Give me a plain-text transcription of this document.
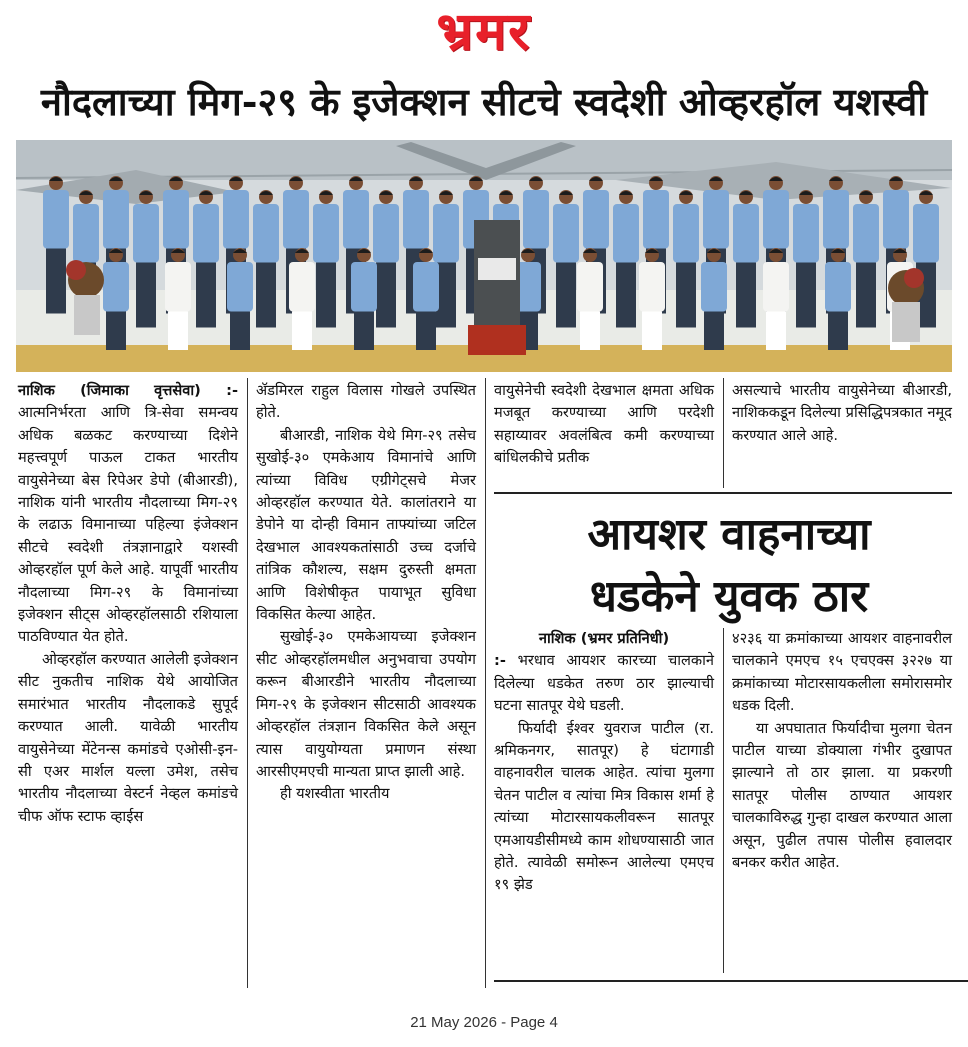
भ्रमर
नौदलाच्या मिग-२९ के इजेक्शन सीटचे स्वदेशी ओव्हरहॉल यशस्वी

नाशिक (जिमाका वृत्तसेवा) :- आत्मनिर्भरता आणि त्रि-सेवा समन्वय अधिक बळकट करण्याच्या दिशेने महत्त्वपूर्ण पाऊल टाकत भारतीय वायुसेनेच्या बेस रिपेअर डेपो (बीआरडी), नाशिक यांनी भारतीय नौदलाच्या मिग-२९ के लढाऊ विमानाच्या पहिल्या इंजेक्शन सीटचे स्वदेशी तंत्रज्ञानाद्वारे यशस्वी ओव्हरहॉल पूर्ण केले आहे. यापूर्वी भारतीय नौदलाच्या मिग-२९ के विमानांच्या इजेक्शन सीट्स ओव्हरहॉलसाठी रशियाला पाठविण्यात येत होते.

ओव्हरहॉल करण्यात आलेली इजेक्शन सीट नुकतीच नाशिक येथे आयोजित समारंभात भारतीय नौदलाकडे सुपूर्द करण्यात आली. यावेळी भारतीय वायुसेनेच्या मेंटेनन्स कमांडचे एओसी-इन-सी एअर मार्शल यल्ला उमेश, तसेच भारतीय नौदलाच्या वेस्टर्न नेव्हल कमांडचे चीफ ऑफ स्टाफ व्हाईस

ॲडमिरल राहुल विलास गोखले उपस्थित होते.

बीआरडी, नाशिक येथे मिग-२९ तसेच सुखोई-३० एमकेआय विमानांचे आणि त्यांच्या विविध एग्रीगेट्सचे मेजर ओव्हरहॉल करण्यात येते. कालांतराने या डेपोने या दोन्ही विमान ताफ्यांच्या जटिल देखभाल आवश्यकतांसाठी उच्च दर्जाचे तांत्रिक कौशल्य, सक्षम दुरुस्ती क्षमता आणि विशेषीकृत पायाभूत सुविधा विकसित केल्या आहेत.

सुखोई-३० एमकेआयच्या इजेक्शन सीट ओव्हरहॉलमधील अनुभवाचा उपयोग करून बीआरडीने भारतीय नौदलाच्या मिग-२९ के इजेक्शन सीटसाठी आवश्यक ओव्हरहॉल तंत्रज्ञान विकसित केले असून त्यास वायुयोग्यता प्रमाणन संस्था आरसीएमएची मान्यता प्राप्त झाली आहे.

ही यशस्वीता भारतीय

वायुसेनेची स्वदेशी देखभाल क्षमता अधिक मजबूत करण्याच्या आणि परदेशी सहाय्यावर अवलंबित्व कमी करण्याच्या बांधिलकीचे प्रतीक

असल्याचे भारतीय वायुसेनेच्या बीआरडी, नाशिककडून दिलेल्या प्रसिद्धिपत्रकात नमूद करण्यात आले आहे.

आयशर वाहनाच्या
धडकेने युवक ठार

नाशिक (भ्रमर प्रतिनिधी)

:- भरधाव आयशर कारच्या चालकाने दिलेल्या धडकेत तरुण ठार झाल्याची घटना सातपूर येथे घडली.

फिर्यादी ईश्वर युवराज पाटील (रा. श्रमिकनगर, सातपूर) हे घंटागाडी वाहनावरील चालक आहेत. त्यांचा मुलगा चेतन पाटील व त्यांचा मित्र विकास शर्मा हे त्यांच्या मोटारसायकलीवरून सातपूर एमआयडीसीमध्ये काम शोधण्यासाठी जात होते. त्यावेळी समोरून आलेल्या एमएच १९ झेड

४२३६ या क्रमांकाच्या आयशर वाहनावरील चालकाने एमएच १५ एचएक्स ३२२७ या क्रमांकाच्या मोटारसायकलीला समोरासमोर धडक दिली.

या अपघातात फिर्यादीचा मुलगा चेतन पाटील याच्या डोक्याला गंभीर दुखापत झाल्याने तो ठार झाला. या प्रकरणी सातपूर पोलीस ठाण्यात आयशर चालकाविरुद्ध गुन्हा दाखल करण्यात आला असून, पुढील तपास पोलीस हवालदार बनकर करीत आहेत.

21 May 2026 - Page 4
